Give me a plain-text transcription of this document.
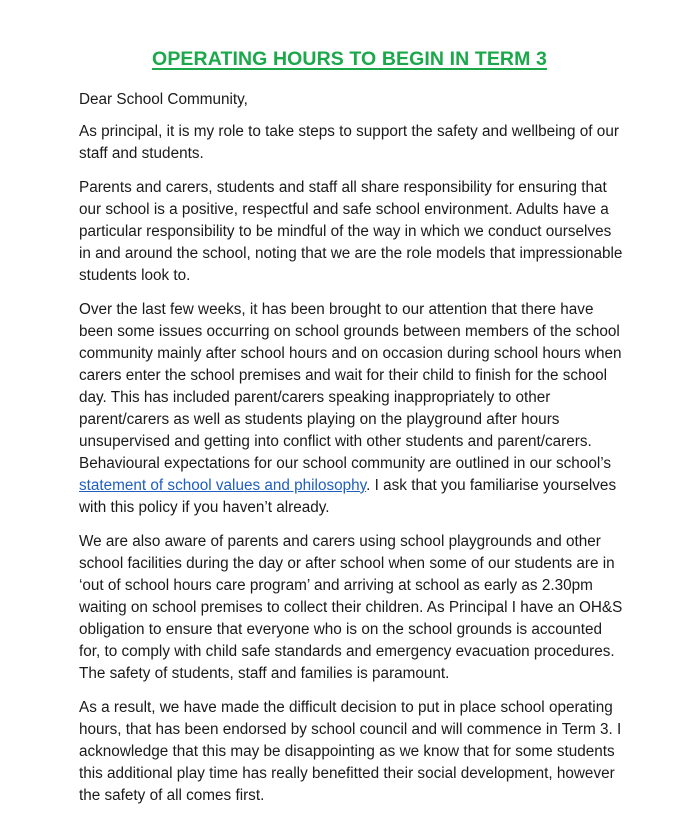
OPERATING HOURS TO BEGIN IN TERM 3

Dear School Community,

As principal, it is my role to take steps to support the safety and wellbeing of our staff and students.

Parents and carers, students and staff all share responsibility for ensuring that our school is a positive, respectful and safe school environment. Adults have a particular responsibility to be mindful of the way in which we conduct ourselves in and around the school, noting that we are the role models that impressionable students look to.

Over the last few weeks, it has been brought to our attention that there have been some issues occurring on school grounds between members of the school community mainly after school hours and on occasion during school hours when carers enter the school premises and wait for their child to finish for the school day. This has included parent/carers speaking inappropriately to other parent/carers as well as students playing on the playground after hours unsupervised and getting into conflict with other students and parent/carers. Behavioural expectations for our school community are outlined in our school’s statement of school values and philosophy. I ask that you familiarise yourselves with this policy if you haven’t already.

We are also aware of parents and carers using school playgrounds and other school facilities during the day or after school when some of our students are in ‘out of school hours care program’ and arriving at school as early as 2.30pm waiting on school premises to collect their children. As Principal I have an OH&S obligation to ensure that everyone who is on the school grounds is accounted for, to comply with child safe standards and emergency evacuation procedures. The safety of students, staff and families is paramount.

As a result, we have made the difficult decision to put in place school operating hours, that has been endorsed by school council and will commence in Term 3. I acknowledge that this may be disappointing as we know that for some students this additional play time has really benefitted their social development, however the safety of all comes first.
